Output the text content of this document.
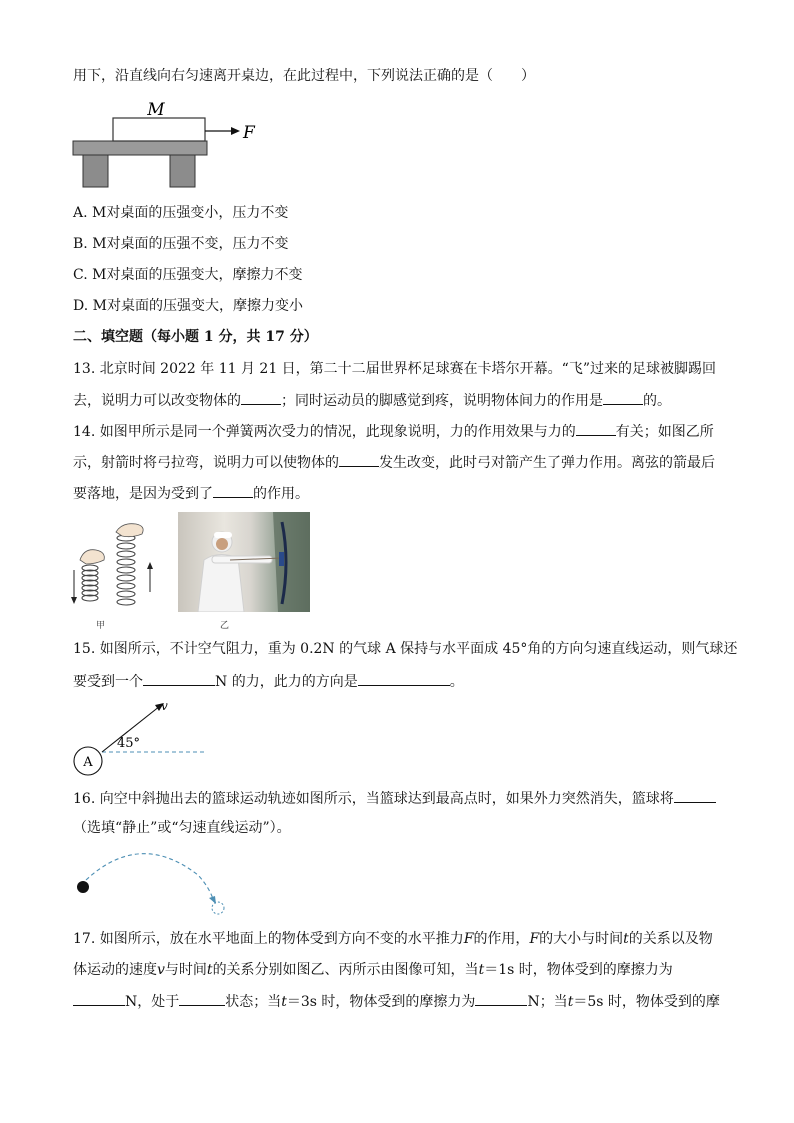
用下，沿直线向右匀速离开桌边，在此过程中，下列说法正确的是（　　）
M
F
A. M对桌面的压强变小，压力不变
B. M对桌面的压强不变，压力不变
C. M对桌面的压强变大，摩擦力不变
D. M对桌面的压强变大，摩擦力变小
二、填空题（每小题 1 分，共 17 分）
13. 北京时间 2022 年 11 月 21 日，第二十二届世界杯足球赛在卡塔尔开幕。“飞”过来的足球被脚踢回
去，说明力可以改变物体的	；同时运动员的脚感觉到疼，说明物体间力的作用是	的。
14. 如图甲所示是同一个弹簧两次受力的情况，此现象说明，力的作用效果与力的	有关；如图乙所
示，射箭时将弓拉弯，说明力可以使物体的	发生改变，此时弓对箭产生了弹力作用。离弦的箭最后
要落地，是因为受到了	的作用。
甲	乙
15. 如图所示，不计空气阻力，重为 0.2N 的气球 A 保持与水平面成 45°角的方向匀速直线运动，则气球还
要受到一个	N 的力，此力的方向是	。
v
45°
A
16. 向空中斜抛出去的篮球运动轨迹如图所示，当篮球达到最高点时，如果外力突然消失，篮球将
（选填“静止”或“匀速直线运动”）。
17. 如图所示，放在水平地面上的物体受到方向不变的水平推力F的作用，F的大小与时间t的关系以及物
体运动的速度v与时间t的关系分别如图乙、丙所示由图像可知，当t＝1s 时，物体受到的摩擦力为
N，处于	状态；当t＝3s 时，物体受到的摩擦力为	N；当t＝5s 时，物体受到的摩
